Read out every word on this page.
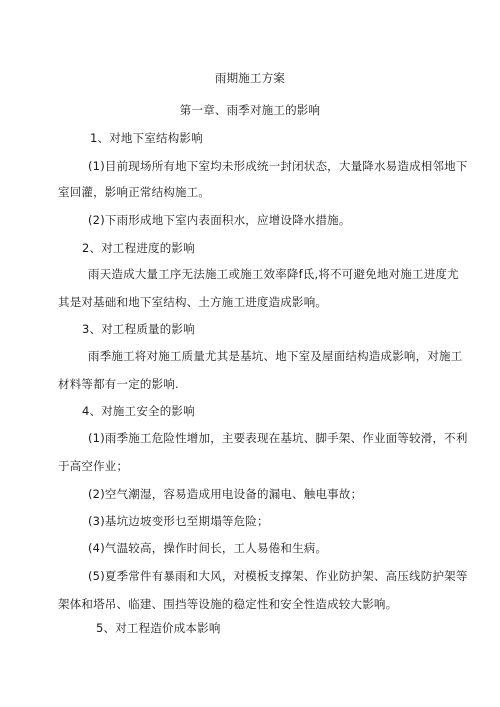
雨期施工方案
第一章、雨季对施工的影响
1、对地下室结构影响
(1)目前现场所有地下室均未形成统一封闭状态，大量降水易造成相邻地下
室回灌，影响正常结构施工。
(2)下雨形成地下室内表面积水，应增设降水措施。
2、对工程进度的影响
雨天造成大量工序无法施工或施工效率降f氐,将不可避免地对施工进度尤
其是对基础和地下室结构、土方施工进度造成影响。
3、对工程质量的影响
雨季施工将对施工质量尤其是基坑、地下室及屋面结构造成影响，对施工
材料等都有一定的影响.
4、对施工安全的影响
(1)雨季施工危险性增加，主要表现在基坑、脚手架、作业面等较滑，不利
于高空作业；
(2)空气潮湿，容易造成用电设备的漏电、触电事故；
(3)基坑边坡变形乜至期塌等危险；
(4)气温较高，操作时间长，工人易倦和生病。
(5)夏季常件有暴雨和大风，对模板支撑架、作业防护架、高压线防护架等
架体和塔吊、临建、围挡等设施的稳定性和安全性造成较大影响。
5、对工程造价成本影响
